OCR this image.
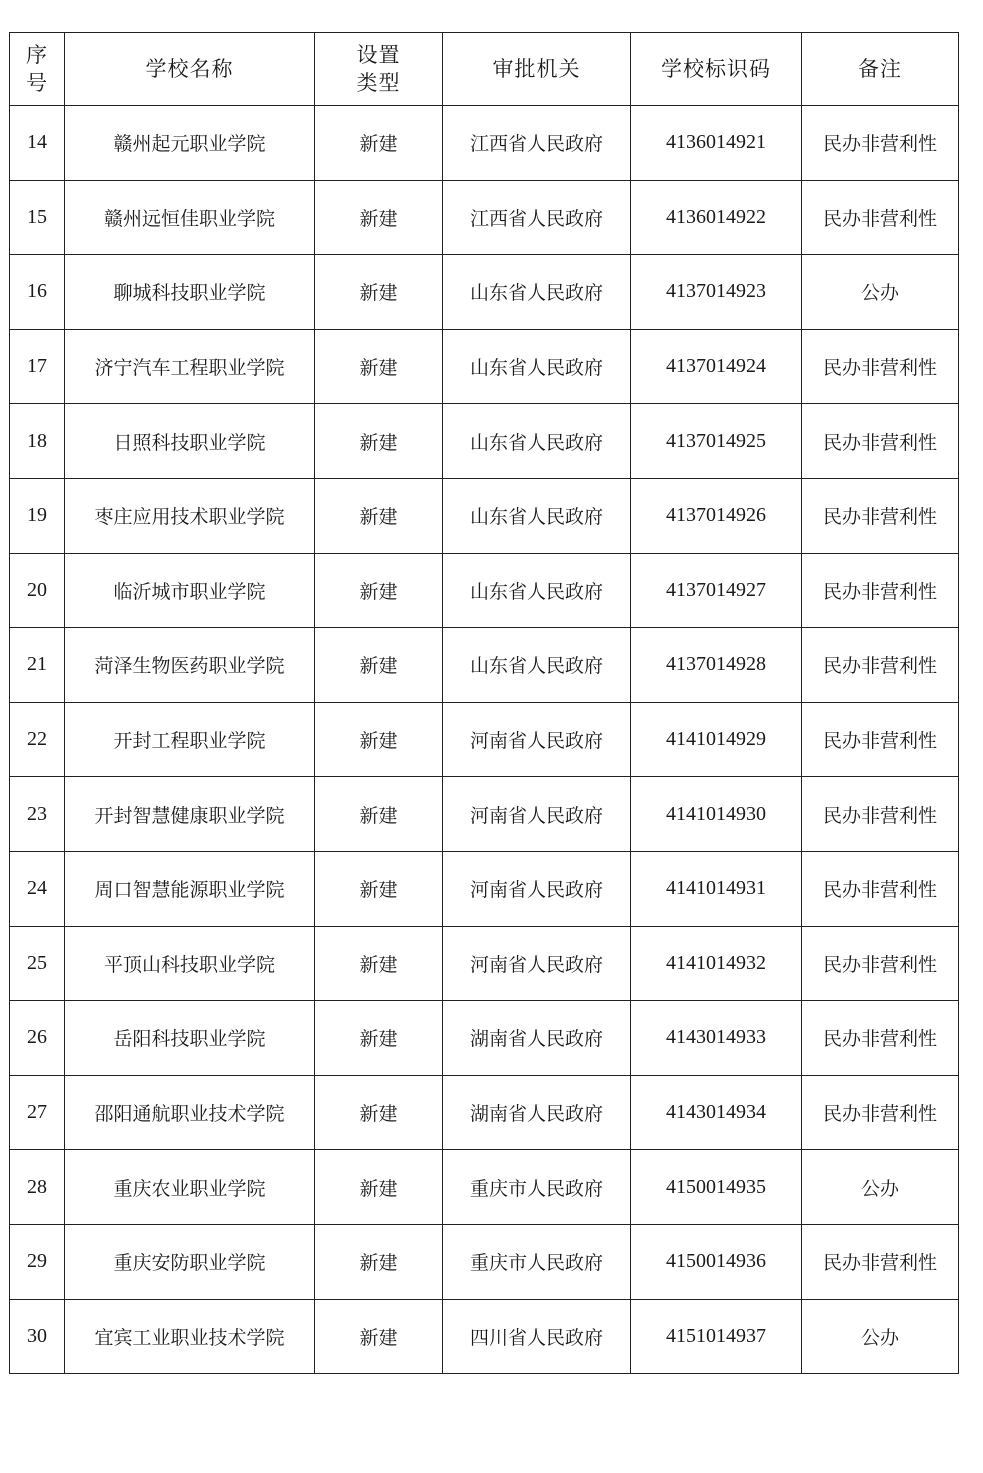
序号	学校名称	设置类型	审批机关	学校标识码	备注
14	赣州起元职业学院	新建	江西省人民政府	4136014921	民办非营利性
15	赣州远恒佳职业学院	新建	江西省人民政府	4136014922	民办非营利性
16	聊城科技职业学院	新建	山东省人民政府	4137014923	公办
17	济宁汽车工程职业学院	新建	山东省人民政府	4137014924	民办非营利性
18	日照科技职业学院	新建	山东省人民政府	4137014925	民办非营利性
19	枣庄应用技术职业学院	新建	山东省人民政府	4137014926	民办非营利性
20	临沂城市职业学院	新建	山东省人民政府	4137014927	民办非营利性
21	菏泽生物医药职业学院	新建	山东省人民政府	4137014928	民办非营利性
22	开封工程职业学院	新建	河南省人民政府	4141014929	民办非营利性
23	开封智慧健康职业学院	新建	河南省人民政府	4141014930	民办非营利性
24	周口智慧能源职业学院	新建	河南省人民政府	4141014931	民办非营利性
25	平顶山科技职业学院	新建	河南省人民政府	4141014932	民办非营利性
26	岳阳科技职业学院	新建	湖南省人民政府	4143014933	民办非营利性
27	邵阳通航职业技术学院	新建	湖南省人民政府	4143014934	民办非营利性
28	重庆农业职业学院	新建	重庆市人民政府	4150014935	公办
29	重庆安防职业学院	新建	重庆市人民政府	4150014936	民办非营利性
30	宜宾工业职业技术学院	新建	四川省人民政府	4151014937	公办
